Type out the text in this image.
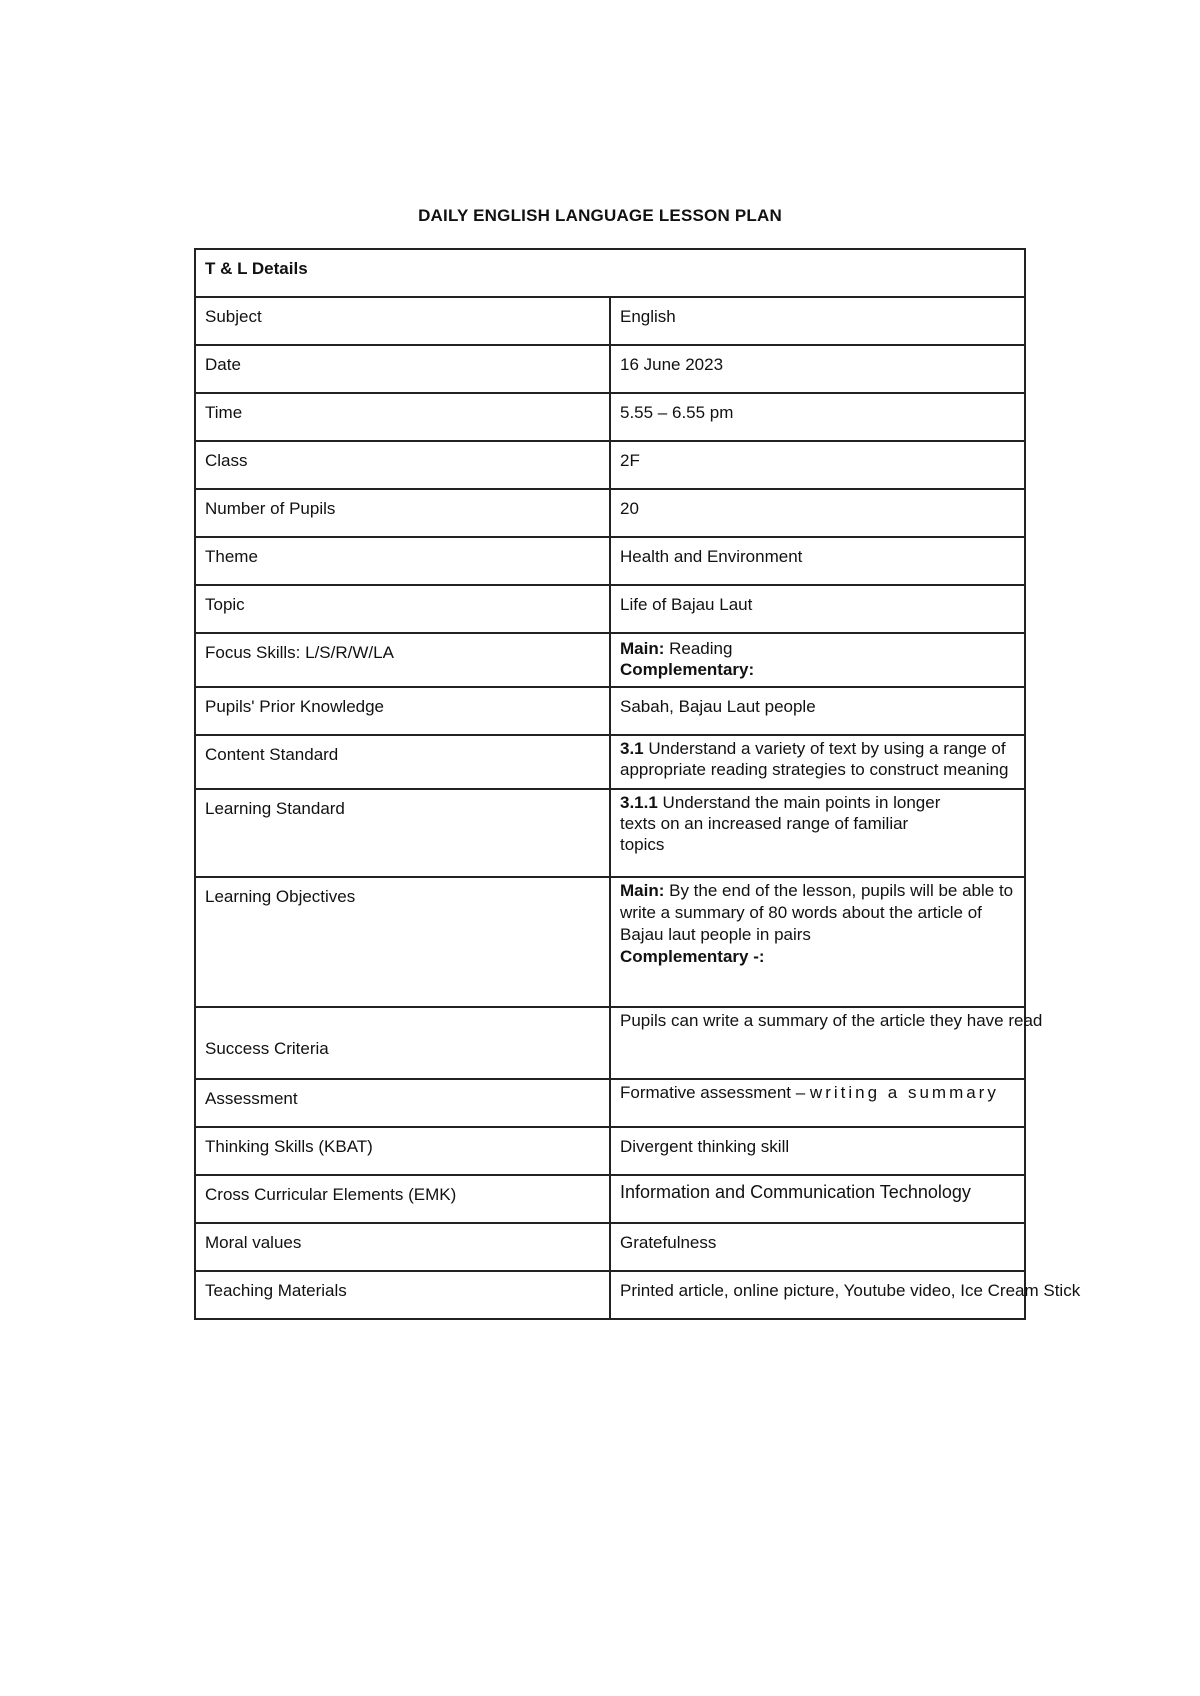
DAILY ENGLISH LANGUAGE LESSON PLAN
T & L Details	
Subject	English
Date	16 June 2023
Time	5.55 – 6.55 pm
Class	2F
Number of Pupils	20
Theme	Health and Environment
Topic	Life of Bajau Laut
Focus Skills: L/S/R/W/LA	Main: Reading
Complementary:
Pupils' Prior Knowledge	Sabah, Bajau Laut people
Content Standard	3.1 Understand a variety of text by using a range of appropriate reading strategies to construct meaning
Learning Standard	3.1.1 Understand the main points in longer texts on an increased range of familiar topics
Learning Objectives	Main: By the end of the lesson, pupils will be able to write a summary of 80 words about the article of Bajau laut people in pairs
Complementary -:
Success Criteria	Pupils can write a summary of the article they have read
Assessment	Formative assessment – writing a summary
Thinking Skills (KBAT)	Divergent thinking skill
Cross Curricular Elements (EMK)	Information and Communication Technology
Moral values	Gratefulness
Teaching Materials	Printed article, online picture, Youtube video, Ice Cream Stick
